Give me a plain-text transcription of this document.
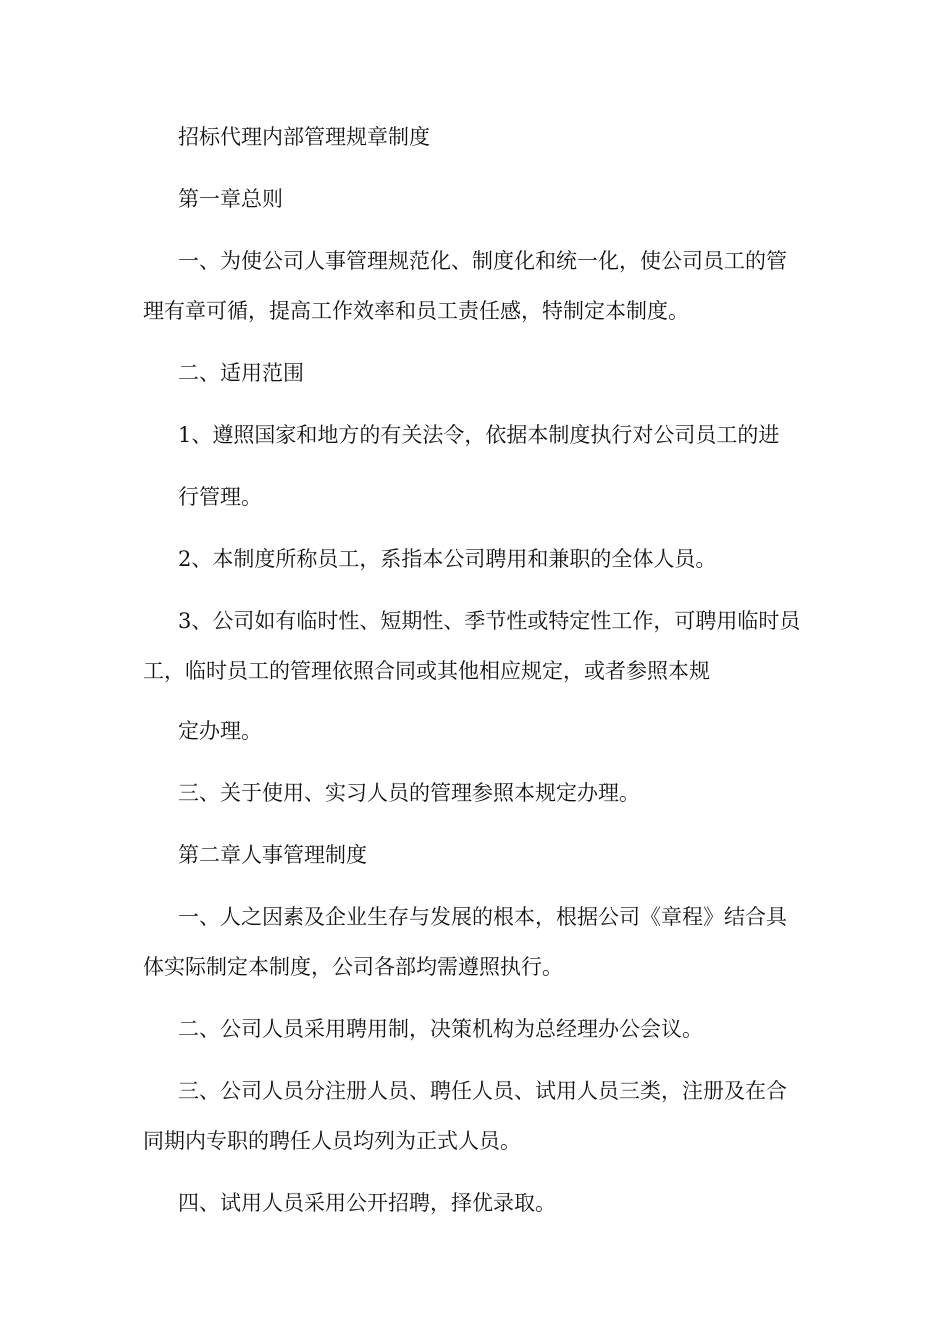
招标代理内部管理规章制度

第一章总则

一、为使公司人事管理规范化、制度化和统一化，使公司员工的管

理有章可循，提高工作效率和员工责任感，特制定本制度。

二、适用范围

1、遵照国家和地方的有关法令，依据本制度执行对公司员工的进

行管理。

2、本制度所称员工，系指本公司聘用和兼职的全体人员。

3、公司如有临时性、短期性、季节性或特定性工作，可聘用临时员

工，临时员工的管理依照合同或其他相应规定，或者参照本规

定办理。

三、关于使用、实习人员的管理参照本规定办理。

第二章人事管理制度

一、人之因素及企业生存与发展的根本，根据公司《章程》结合具

体实际制定本制度，公司各部均需遵照执行。

二、公司人员采用聘用制，决策机构为总经理办公会议。

三、公司人员分注册人员、聘任人员、试用人员三类，注册及在合

同期内专职的聘任人员均列为正式人员。

四、试用人员采用公开招聘，择优录取。
